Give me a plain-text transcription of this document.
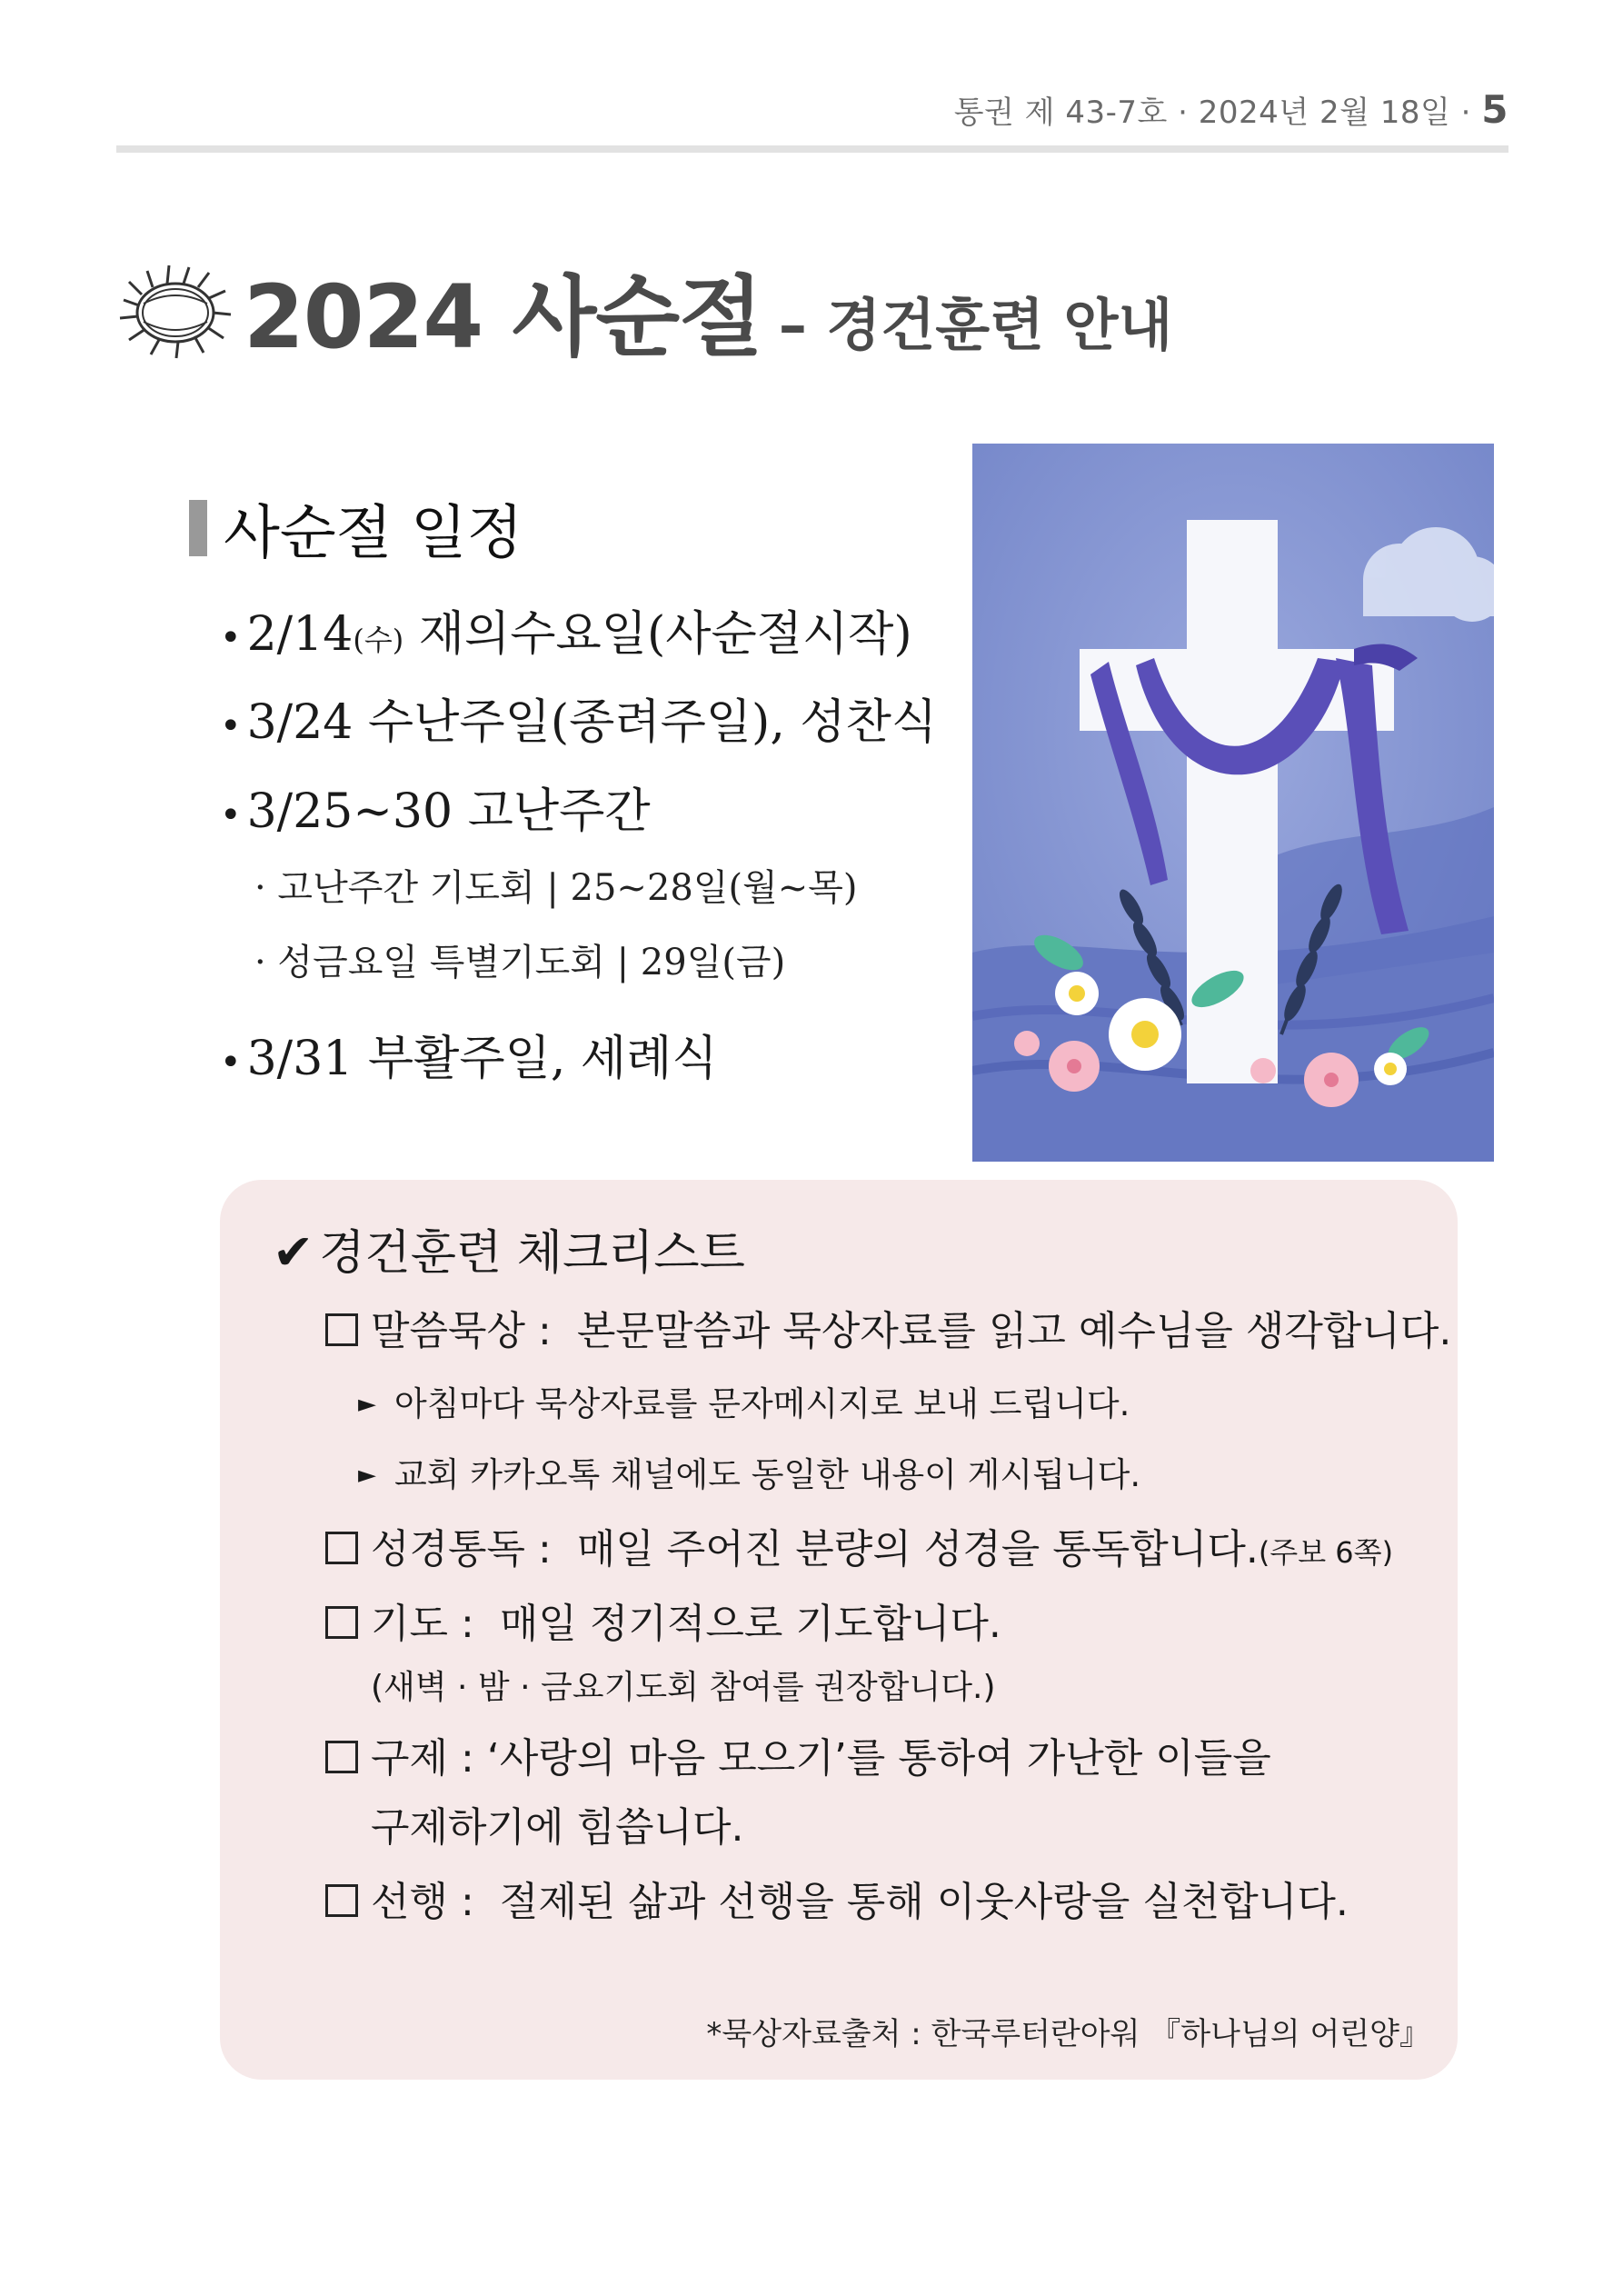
통권 제 43-7호 · 2024년 2월 18일 · 5
2024 사순절 – 경건훈련 안내
사순절 일정
• 2/14(수) 재의수요일(사순절시작)
• 3/24 수난주일(종려주일), 성찬식
• 3/25~30 고난주간
· 고난주간 기도회 | 25~28일(월~목)
· 성금요일 특별기도회 | 29일(금)
• 3/31 부활주일, 세례식
✔ 경건훈련 체크리스트
말씀묵상 : 본문말씀과 묵상자료를 읽고 예수님을 생각합니다.
► 아침마다 묵상자료를 문자메시지로 보내 드립니다.
► 교회 카카오톡 채널에도 동일한 내용이 게시됩니다.
성경통독 : 매일 주어진 분량의 성경을 통독합니다.(주보 6쪽)
기도 : 매일 정기적으로 기도합니다.
(새벽 · 밤 · 금요기도회 참여를 권장합니다.)
구제 : ‘사랑의 마음 모으기’를 통하여 가난한 이들을
구제하기에 힘씁니다.
선행 : 절제된 삶과 선행을 통해 이웃사랑을 실천합니다.
*묵상자료출처 : 한국루터란아워 『하나님의 어린양』
